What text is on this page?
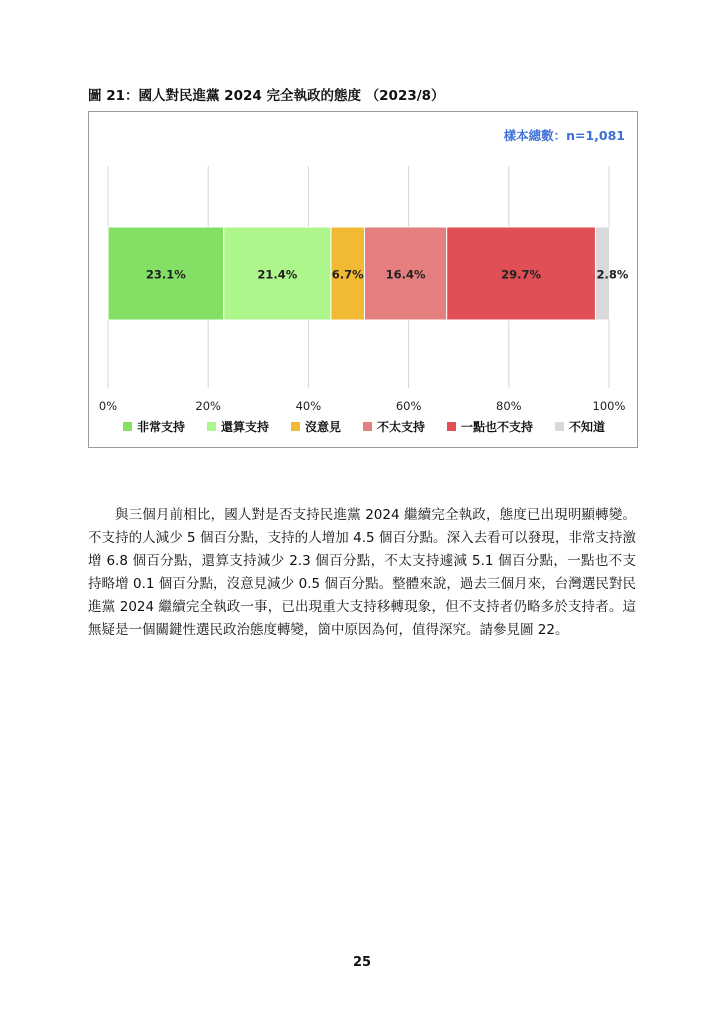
圖 21：國人對民進黨 2024 完全執政的態度 （2023/8）
樣本總數：n=1,081
0%	20%	40%	60%	80%	100%
23.1%	21.4%	6.7% 16.4%	29.7%	2.8%
非常支持	還算支持	沒意見	不太支持	一點也不支持	不知道

與三個月前相比，國人對是否支持民進黨 2024 繼續完全執政，態度已出現明顯轉變。不支持的人減少 5 個百分點，支持的人增加 4.5 個百分點。深入去看可以發現，非常支持激增 6.8 個百分點，還算支持減少 2.3 個百分點，不太支持遽減 5.1 個百分點，一點也不支持略增 0.1 個百分點，沒意見減少 0.5 個百分點。整體來說，過去三個月來，台灣選民對民進黨 2024 繼續完全執政一事，已出現重大支持移轉現象，但不支持者仍略多於支持者。這無疑是一個關鍵性選民政治態度轉變，箇中原因為何，值得深究。請參見圖 22。

25
